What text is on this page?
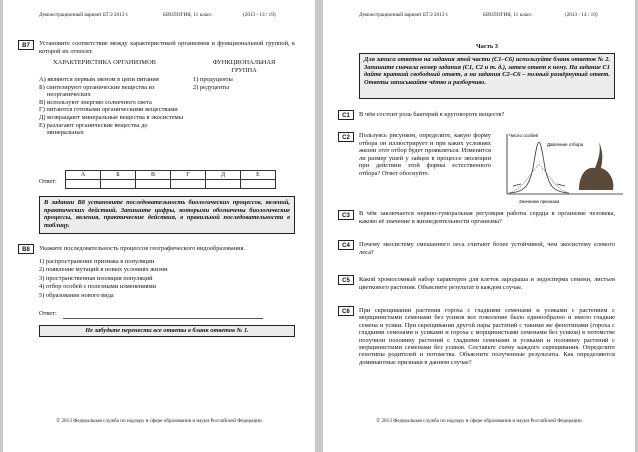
Демонстрационный вариант ЕГЭ 2013 г.	БИОЛОГИЯ, 11 класс.	(2013 - 13 / 19)
B7	Установите соответствие между характеристикой организмов и функциональной группой, к которой их относят.
ХАРАКТЕРИСТИКА ОРГАНИЗМОВ	ФУНКЦИОНАЛЬНАЯ ГРУППА
А) являются первым звеном в цепи питания
Б) синтезируют органические вещества из неорганических
В) используют энергию солнечного света
Г) питаются готовыми органическими веществами
Д) возвращают минеральные вещества в экосистемы
Е) разлагают органические вещества до минеральных
1) продуценты
2) редуценты
Ответ:
А	Б	В	Г	Д	Е

В задании В8 установите последовательность биологических процессов, явлений, практических действий. Запишите цифры, которыми обозначены биологические процессы, явления, практические действия, в правильной последовательности в таблицу.
B8	Укажите последовательность процессов географического видообразования.
1) распространение признака в популяции
2) появление мутаций в новых условиях жизни
3) пространственная изоляция популяций
4) отбор особей с полезными изменениями
5) образование нового вида
Ответ:
Не забудьте перенести все ответы в бланк ответов № 1.
© 2013 Федеральная служба по надзору в сфере образования и науки Российской Федерации
Демонстрационный вариант ЕГЭ 2013 г.	БИОЛОГИЯ, 11 класс.	(2013 - 14 / 19)
Часть 3
Для записи ответов на задания этой части (С1–С6) используйте бланк ответов № 2. Запишите сначала номер задания (С1, С2 и т. д.), затем ответ к нему. На задание С1 дайте краткий свободный ответ, а на задания С2–С6 – полный развёрнутый ответ. Ответы записывайте чётко и разборчиво.
C1	В чём состоит роль бактерий в круговороте веществ?
C2	Пользуясь рисунком, определите, какую форму отбора он иллюстрирует и при каких условиях жизни этот отбор будет проявляться. Изменится ли размер ушей у зайцев в процессе эволюции при действии этой формы естественного отбора? Ответ обоснуйте.
Число особей
Давление отбора
Значение признака
C3	В чём заключается нервно-гуморальная регуляция работы сердца в организме человека, каково её значение в жизнедеятельности организма?
C4	Почему экосистему смешанного леса считают более устойчивой, чем экосистему елового леса?
C5	Какой хромосомный набор характерен для клеток зародыша и эндосперма семени, листьев цветкового растения. Объясните результат в каждом случае.
C6	При скрещивании растения гороха с гладкими семенами и усиками с растением с морщинистыми семенами без усиков все поколение было единообразно и имело гладкие семена и усики. При скрещивании другой пары растений с такими же фенотипами (гороха с гладкими семенами и усиками и гороха с морщинистыми семенами без усиков) в потомстве получили половину растений с гладкими семенами и усиками и половину растений с морщинистыми семенами без усиков. Составьте схему каждого скрещивания. Определите генотипы родителей и потомства. Объясните полученные результаты. Как определяются доминантные признаки в данном случае?
© 2013 Федеральная служба по надзору в сфере образования и науки Российской Федерации
